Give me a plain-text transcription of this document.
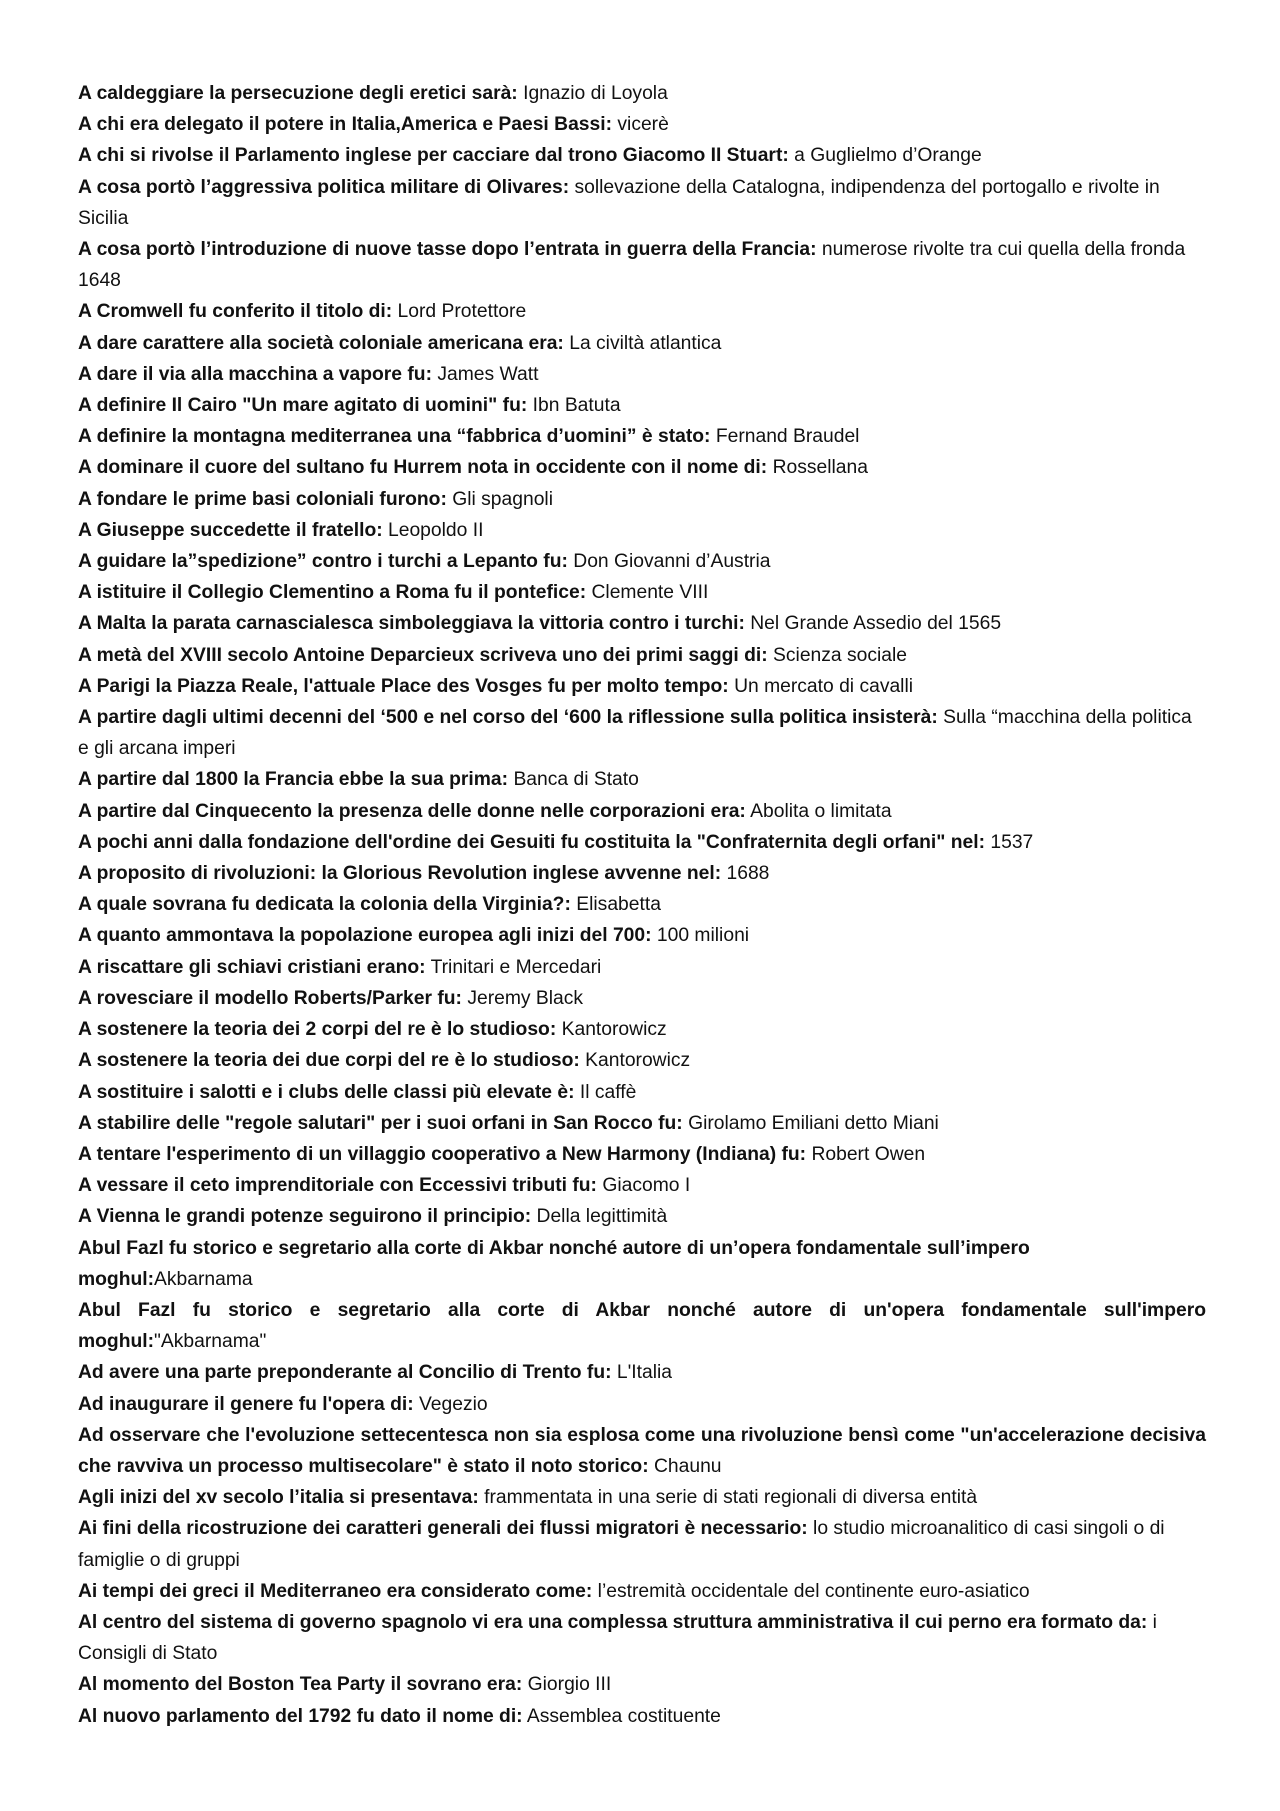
A caldeggiare la persecuzione degli eretici sarà: Ignazio di Loyola

A chi era delegato il potere in Italia,America e Paesi Bassi: vicerè

A chi si rivolse il Parlamento inglese per cacciare dal trono Giacomo II Stuart: a Guglielmo d’Orange

A cosa portò l’aggressiva politica militare di Olivares: sollevazione della Catalogna, indipendenza del portogallo e rivolte in Sicilia

A cosa portò l’introduzione di nuove tasse dopo l’entrata in guerra della Francia: numerose rivolte tra cui quella della fronda 1648

A Cromwell fu conferito il titolo di: Lord Protettore

A dare carattere alla società coloniale americana era: La civiltà atlantica

A dare il via alla macchina a vapore fu: James Watt

A definire Il Cairo "Un mare agitato di uomini" fu: Ibn Batuta

A definire la montagna mediterranea una “fabbrica d’uomini” è stato: Fernand Braudel

A dominare il cuore del sultano fu Hurrem nota in occidente con il nome di: Rossellana

A fondare le prime basi coloniali furono: Gli spagnoli

A Giuseppe succedette il fratello: Leopoldo II

A guidare la”spedizione” contro i turchi a Lepanto fu: Don Giovanni d’Austria

A istituire il Collegio Clementino a Roma fu il pontefice: Clemente VIII

A Malta la parata carnascialesca simboleggiava la vittoria contro i turchi: Nel Grande Assedio del 1565

A metà del XVIII secolo Antoine Deparcieux scriveva uno dei primi saggi di: Scienza sociale

A Parigi la Piazza Reale, l'attuale Place des Vosges fu per molto tempo: Un mercato di cavalli

A partire dagli ultimi decenni del ‘500 e nel corso del ‘600 la riflessione sulla politica insisterà: Sulla “macchina della politica e gli arcana imperi

A partire dal 1800 la Francia ebbe la sua prima: Banca di Stato

A partire dal Cinquecento la presenza delle donne nelle corporazioni era: Abolita o limitata

A pochi anni dalla fondazione dell'ordine dei Gesuiti fu costituita la "Confraternita degli orfani" nel: 1537

A proposito di rivoluzioni: la Glorious Revolution inglese avvenne nel: 1688

A quale sovrana fu dedicata la colonia della Virginia?: Elisabetta

A quanto ammontava la popolazione europea agli inizi del 700: 100 milioni

A riscattare gli schiavi cristiani erano: Trinitari e Mercedari

A rovesciare il modello Roberts/Parker fu: Jeremy Black

A sostenere la teoria dei 2 corpi del re è lo studioso: Kantorowicz

A sostenere la teoria dei due corpi del re è lo studioso: Kantorowicz

A sostituire i salotti e i clubs delle classi più elevate è: Il caffè

A stabilire delle "regole salutari" per i suoi orfani in San Rocco fu: Girolamo Emiliani detto Miani

A tentare l'esperimento di un villaggio cooperativo a New Harmony (Indiana) fu: Robert Owen

A vessare il ceto imprenditoriale con Eccessivi tributi fu: Giacomo I

A Vienna le grandi potenze seguirono il principio: Della legittimità

Abul Fazl fu storico e segretario alla corte di Akbar nonché autore di un’opera fondamentale sull’impero moghul:Akbarnama

Abul Fazl fu storico e segretario alla corte di Akbar nonché autore di un'opera fondamentale sull'impero moghul:"Akbarnama"

Ad avere una parte preponderante al Concilio di Trento fu: L'Italia

Ad inaugurare il genere fu l'opera di: Vegezio

Ad osservare che l'evoluzione settecentesca non sia esplosa come una rivoluzione bensì come "un'accelerazione decisiva che ravviva un processo multisecolare" è stato il noto storico: Chaunu

Agli inizi del xv secolo l’italia si presentava: frammentata in una serie di stati regionali di diversa entità

Ai fini della ricostruzione dei caratteri generali dei flussi migratori è necessario: lo studio microanalitico di casi singoli o di famiglie o di gruppi

Ai tempi dei greci il Mediterraneo era considerato come: l’estremità occidentale del continente euro-asiatico

Al centro del sistema di governo spagnolo vi era una complessa struttura amministrativa il cui perno era formato da: i Consigli di Stato

Al momento del Boston Tea Party il sovrano era: Giorgio III

Al nuovo parlamento del 1792 fu dato il nome di: Assemblea costituente
